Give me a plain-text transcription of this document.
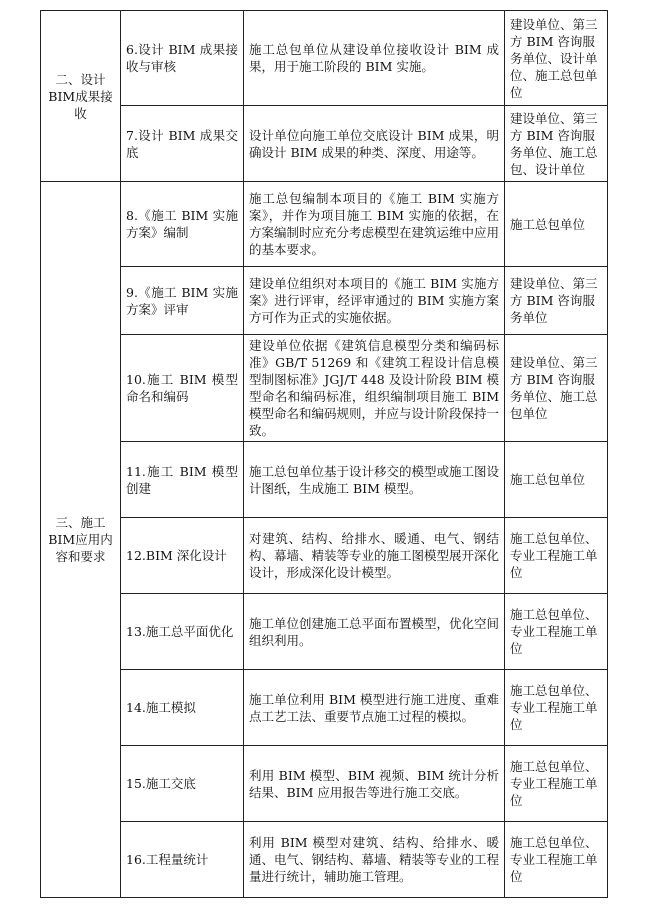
二、设计BIM成果接收	6.设计 BIM 成果接收与审核	施工总包单位从建设单位接收设计 BIM 成果，用于施工阶段的 BIM 实施。	建设单位、第三方 BIM 咨询服务单位、设计单位、施工总包单位
	7.设计 BIM 成果交底	设计单位向施工单位交底设计 BIM 成果，明确设计 BIM 成果的种类、深度、用途等。	建设单位、第三方 BIM 咨询服务单位、施工总包、设计单位
三、施工BIM应用内容和要求	8.《施工 BIM 实施方案》编制	施工总包编制本项目的《施工 BIM 实施方案》，并作为项目施工 BIM 实施的依据，在方案编制时应充分考虑模型在建筑运维中应用的基本要求。	施工总包单位
	9.《施工 BIM 实施方案》评审	建设单位组织对本项目的《施工 BIM 实施方案》进行评审，经评审通过的 BIM 实施方案方可作为正式的实施依据。	建设单位、第三方 BIM 咨询服务单位
	10.施工 BIM 模型命名和编码	建设单位依据《建筑信息模型分类和编码标准》GB/T 51269 和《建筑工程设计信息模型制图标准》JGJ/T 448 及设计阶段 BIM 模型命名和编码标准，组织编制项目施工 BIM 模型命名和编码规则，并应与设计阶段保持一致。	建设单位、第三方 BIM 咨询服务单位、施工总包单位
	11.施工 BIM 模型创建	施工总包单位基于设计移交的模型或施工图设计图纸，生成施工 BIM 模型。	施工总包单位
	12.BIM 深化设计	对建筑、结构、给排水、暖通、电气、钢结构、幕墙、精装等专业的施工图模型展开深化设计，形成深化设计模型。	施工总包单位、专业工程施工单位
	13.施工总平面优化	施工单位创建施工总平面布置模型，优化空间组织利用。	施工总包单位、专业工程施工单位
	14.施工模拟	施工单位利用 BIM 模型进行施工进度、重难点工艺工法、重要节点施工过程的模拟。	施工总包单位、专业工程施工单位
	15.施工交底	利用 BIM 模型、BIM 视频、BIM 统计分析结果、BIM 应用报告等进行施工交底。	施工总包单位、专业工程施工单位
	16.工程量统计	利用 BIM 模型对建筑、结构、给排水、暖通、电气、钢结构、幕墙、精装等专业的工程量进行统计，辅助施工管理。	施工总包单位、专业工程施工单位
